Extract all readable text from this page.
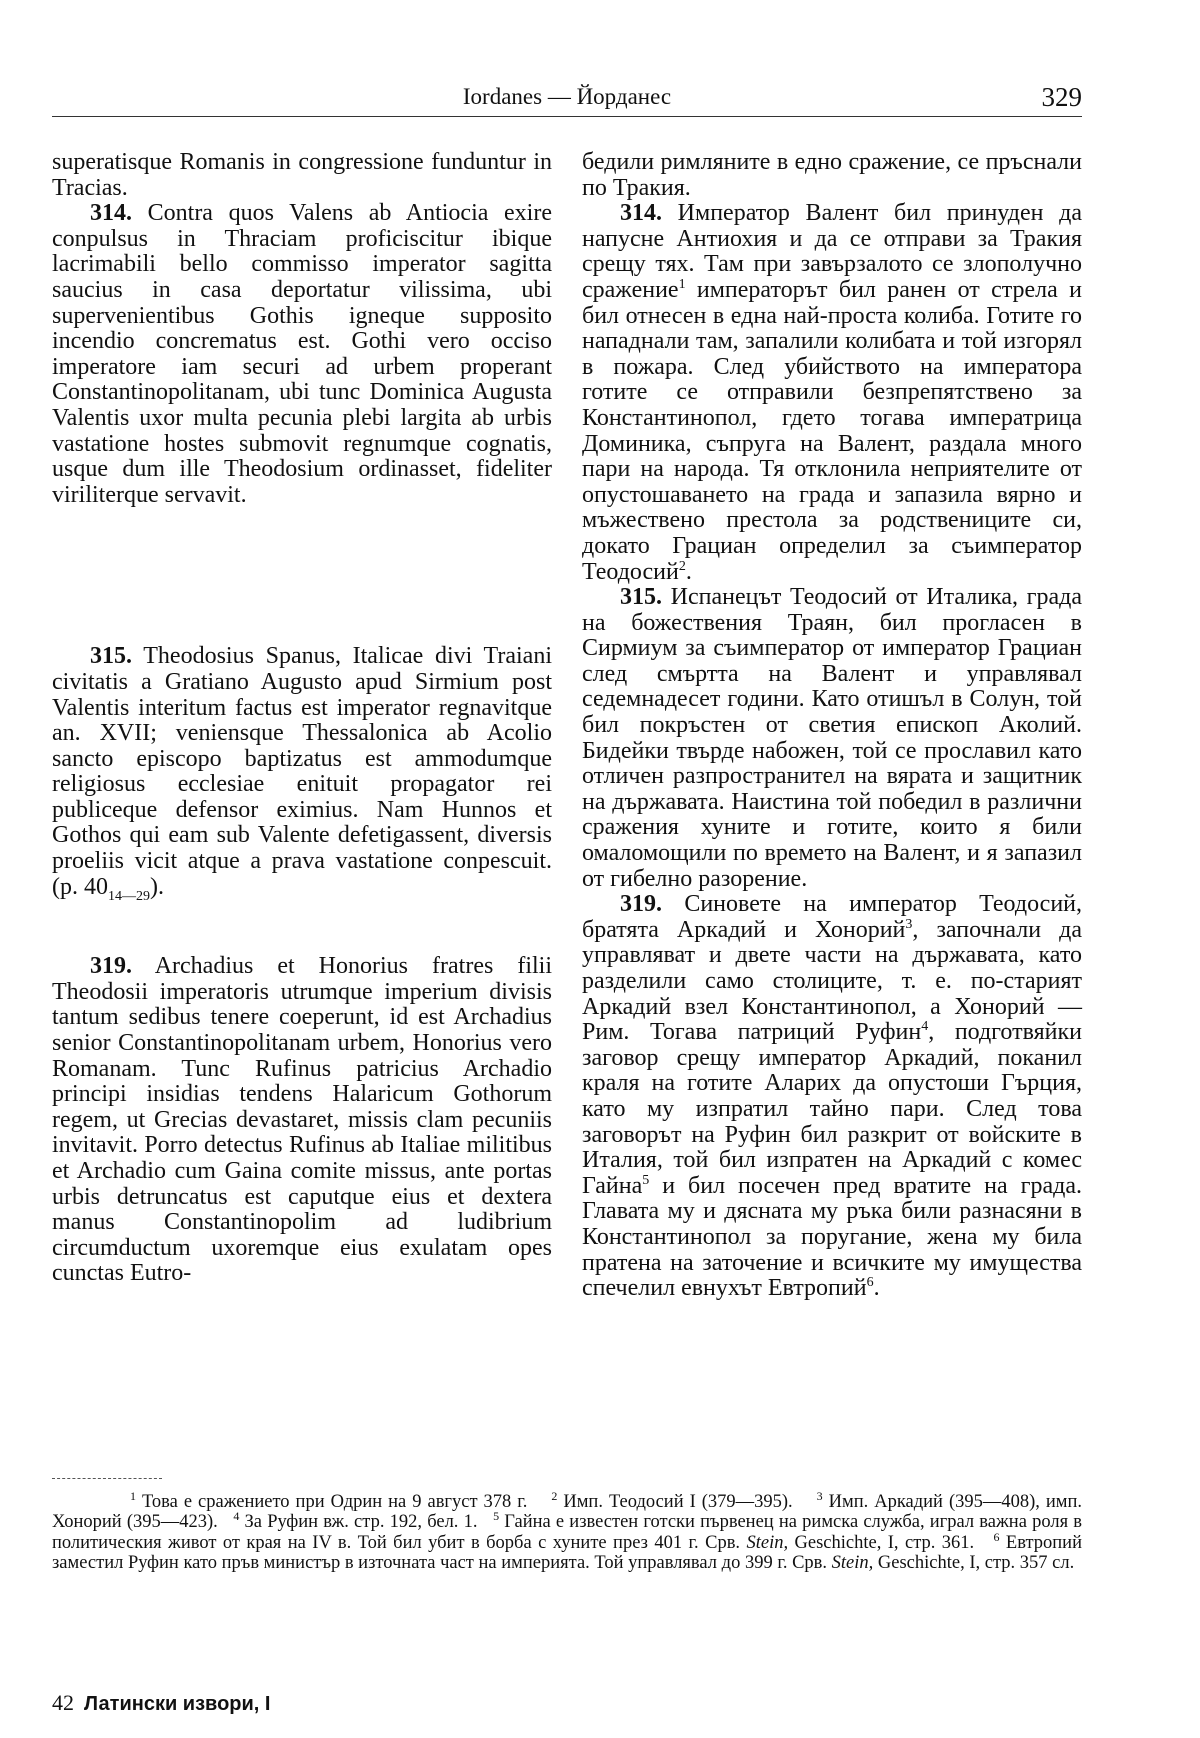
Iordanes — Йорданес	329

superatisque Romanis in congressione funduntur in Tracias.

314. Contra quos Valens ab Antiocia exire conpulsus in Thraciam proficiscitur ibique lacrimabili bello commisso imperator sagitta saucius in casa deportatur vilissima, ubi supervenientibus Gothis igneque supposito incendio concrematus est. Gothi vero occiso imperatore iam securi ad urbem properant Constantinopolitanam, ubi tunc Dominica Augusta Valentis uxor multa pecunia plebi largita ab urbis vastatione hostes submovit regnumque cognatis, usque dum ille Theodosium ordinasset, fideliter viriliterque servavit.

315. Theodosius Spanus, Italicae divi Traiani civitatis a Gratiano Augusto apud Sirmium post Valentis interitum factus est imperator regnavitque an. XVII; veniensque Thessalonica ab Acolio sancto episcopo baptizatus est ammodumque religiosus ecclesiae enituit propagator rei publiceque defensor eximius. Nam Hunnos et Gothos qui eam sub Valente defetigassent, diversis proeliis vicit atque a prava vastatione conpescuit. (p. $40_{14—29}$).

319. Archadius et Honorius fratres filii Theodosii imperatoris utrumque imperium divisis tantum sedibus tenere coeperunt, id est Archadius senior Constantinopolitanam urbem, Honorius vero Romanam. Tunc Rufinus patricius Archadio principi insidias tendens Halaricum Gothorum regem, ut Grecias devastaret, missis clam pecuniis invitavit. Porro detectus Rufinus ab Italiae militibus et Archadio cum Gaina comite missus, ante portas urbis detruncatus est caputque eius et dextera manus Constantinopolim ad ludibrium circumductum uxoremque eius exulatam opes cunctas Eutro-

бедили римляните в едно сражение, се пръснали по Тракия.

314. Император Валент бил принуден да напусне Антиохия и да се отправи за Тракия срещу тях. Там при завързалото се злополучно сражение$^1$ императорът бил ранен от стрела и бил отнесен в една най-проста колиба. Готите го нападнали там, запалили колибата и той изгорял в пожара. След убийството на императора готите се отправили безпрепятствено за Константинопол, гдето тогава императрица Доминика, съпруга на Валент, раздала много пари на народа. Тя отклонила неприятелите от опустошаването на града и запазила вярно и мъжествено престола за родствениците си, докато Грациан определил за съимператор Теодосий$^2$.

315. Испанецът Теодосий от Италика, града на божествения Траян, бил прогласен в Сирмиум за съимператор от император Грациан след смъртта на Валент и управлявал седемнадесет години. Като отишъл в Солун, той бил покръстен от светия епископ Аколий. Бидейки твърде набожен, той се прославил като отличен разпространител на вярата и защитник на държавата. Наистина той победил в различни сражения хуните и готите, които я били омаломощили по времето на Валент, и я запазил от гибелно разорение.

319. Синовете на император Теодосий, братята Аркадий и Хонорий$^3$, започнали да управляват и двете части на държавата, като разделили само столиците, т. е. по-старият Аркадий взел Константинопол, а Хонорий — Рим. Тогава патриций Руфин$^4$, подготвяйки заговор срещу император Аркадий, поканил краля на готите Аларих да опустоши Гърция, като му изпратил тайно пари. След това заговорът на Руфин бил разкрит от войските в Италия, той бил изпратен на Аркадий с комес Гайна$^5$ и бил посечен пред вратите на града. Главата му и дясната му ръка били разнасяни в Константинопол за поругание, жена му била пратена на заточение и всичките му имущества спечелил евнухът Евтропий$^6$.

$^1$ Това е сражението при Одрин на 9 август 378 г. $^2$ Имп. Теодосий I (379—395). $^3$ Имп. Аркадий (395—408), имп. Хонорий (395—423). $^4$ За Руфин вж. стр. 192, бел. 1. $^5$ Гайна е известен готски първенец на римска служба, играл важна роля в политическия живот от края на IV в. Той бил убит в борба с хуните през 401 г. Срв. Stein, Geschichte, I, стр. 361. $^6$ Евтропий заместил Руфин като пръв министър в източната част на империята. Той управлявал до 399 г. Срв. Stein, Geschichte, I, стр. 357 сл.

42 Латински извори, I
